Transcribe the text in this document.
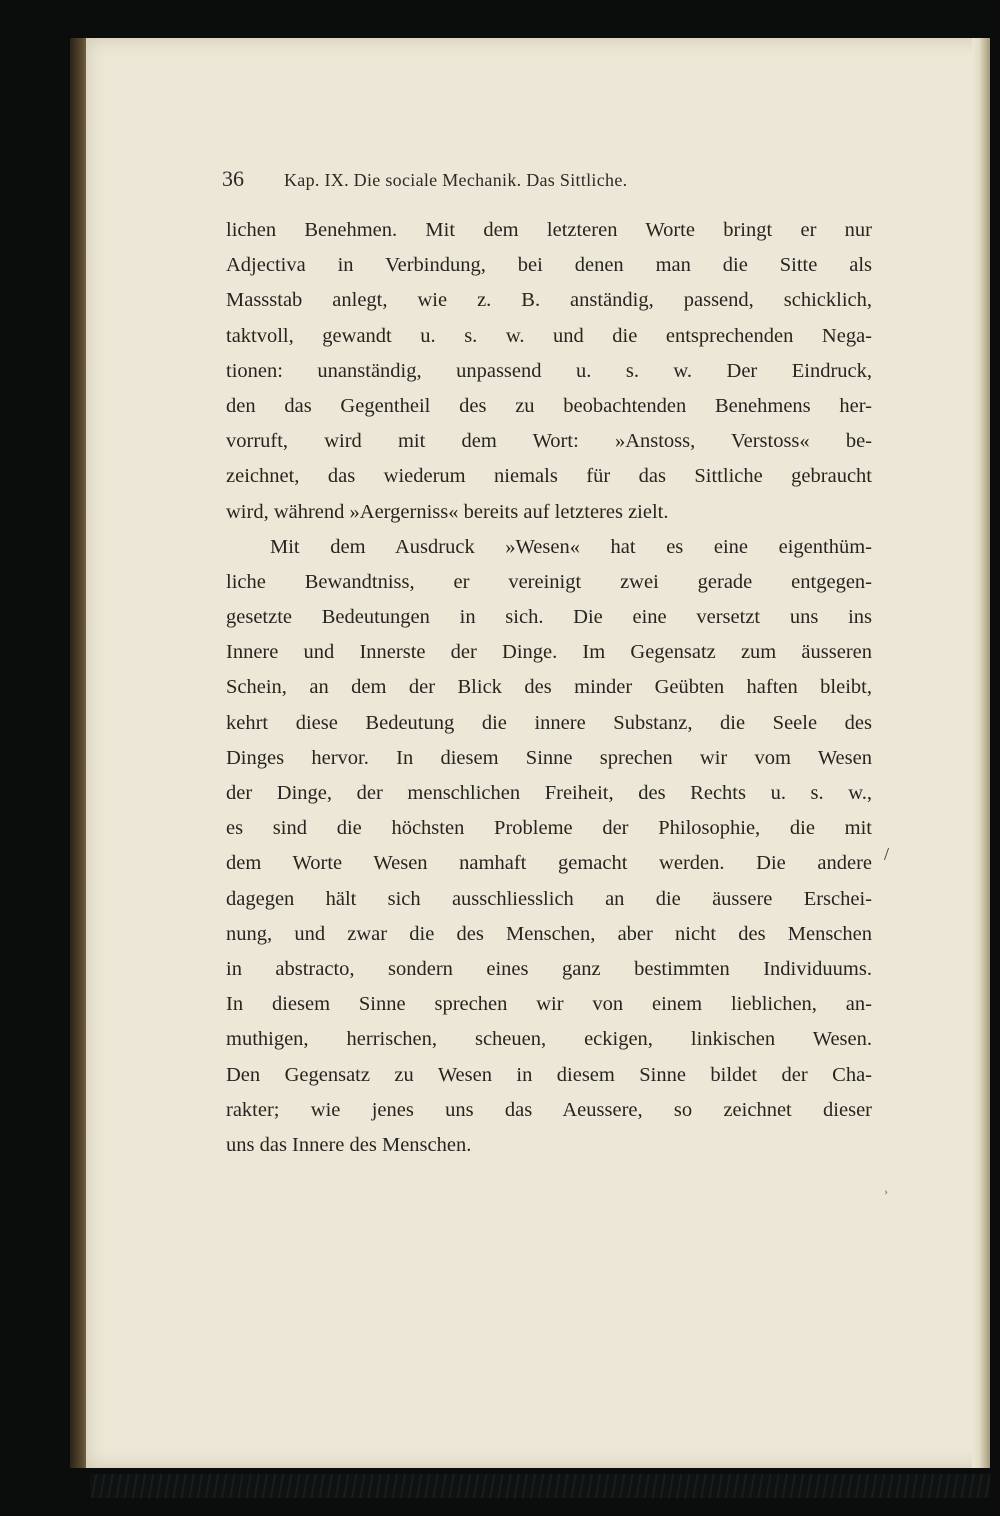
36 Kap. IX. Die sociale Mechanik. Das Sittliche.
lichen Benehmen. Mit dem letzteren Worte bringt er nur
Adjectiva in Verbindung, bei denen man die Sitte als
Massstab anlegt, wie z. B. anständig, passend, schicklich,
taktvoll, gewandt u. s. w. und die entsprechenden Nega-
tionen: unanständig, unpassend u. s. w. Der Eindruck,
den das Gegentheil des zu beobachtenden Benehmens her-
vorruft, wird mit dem Wort: »Anstoss, Verstoss« be-
zeichnet, das wiederum niemals für das Sittliche gebraucht
wird, während »Aergerniss« bereits auf letzteres zielt.
Mit dem Ausdruck »Wesen« hat es eine eigenthüm-
liche Bewandtniss, er vereinigt zwei gerade entgegen-
gesetzte Bedeutungen in sich. Die eine versetzt uns ins
Innere und Innerste der Dinge. Im Gegensatz zum äusseren
Schein, an dem der Blick des minder Geübten haften bleibt,
kehrt diese Bedeutung die innere Substanz, die Seele des
Dinges hervor. In diesem Sinne sprechen wir vom Wesen
der Dinge, der menschlichen Freiheit, des Rechts u. s. w.,
es sind die höchsten Probleme der Philosophie, die mit
dem Worte Wesen namhaft gemacht werden. Die andere
dagegen hält sich ausschliesslich an die äussere Erschei-
nung, und zwar die des Menschen, aber nicht des Menschen
in abstracto, sondern eines ganz bestimmten Individuums.
In diesem Sinne sprechen wir von einem lieblichen, an-
muthigen, herrischen, scheuen, eckigen, linkischen Wesen.
Den Gegensatz zu Wesen in diesem Sinne bildet der Cha-
rakter; wie jenes uns das Aeussere, so zeichnet dieser
uns das Innere des Menschen.
/
›
